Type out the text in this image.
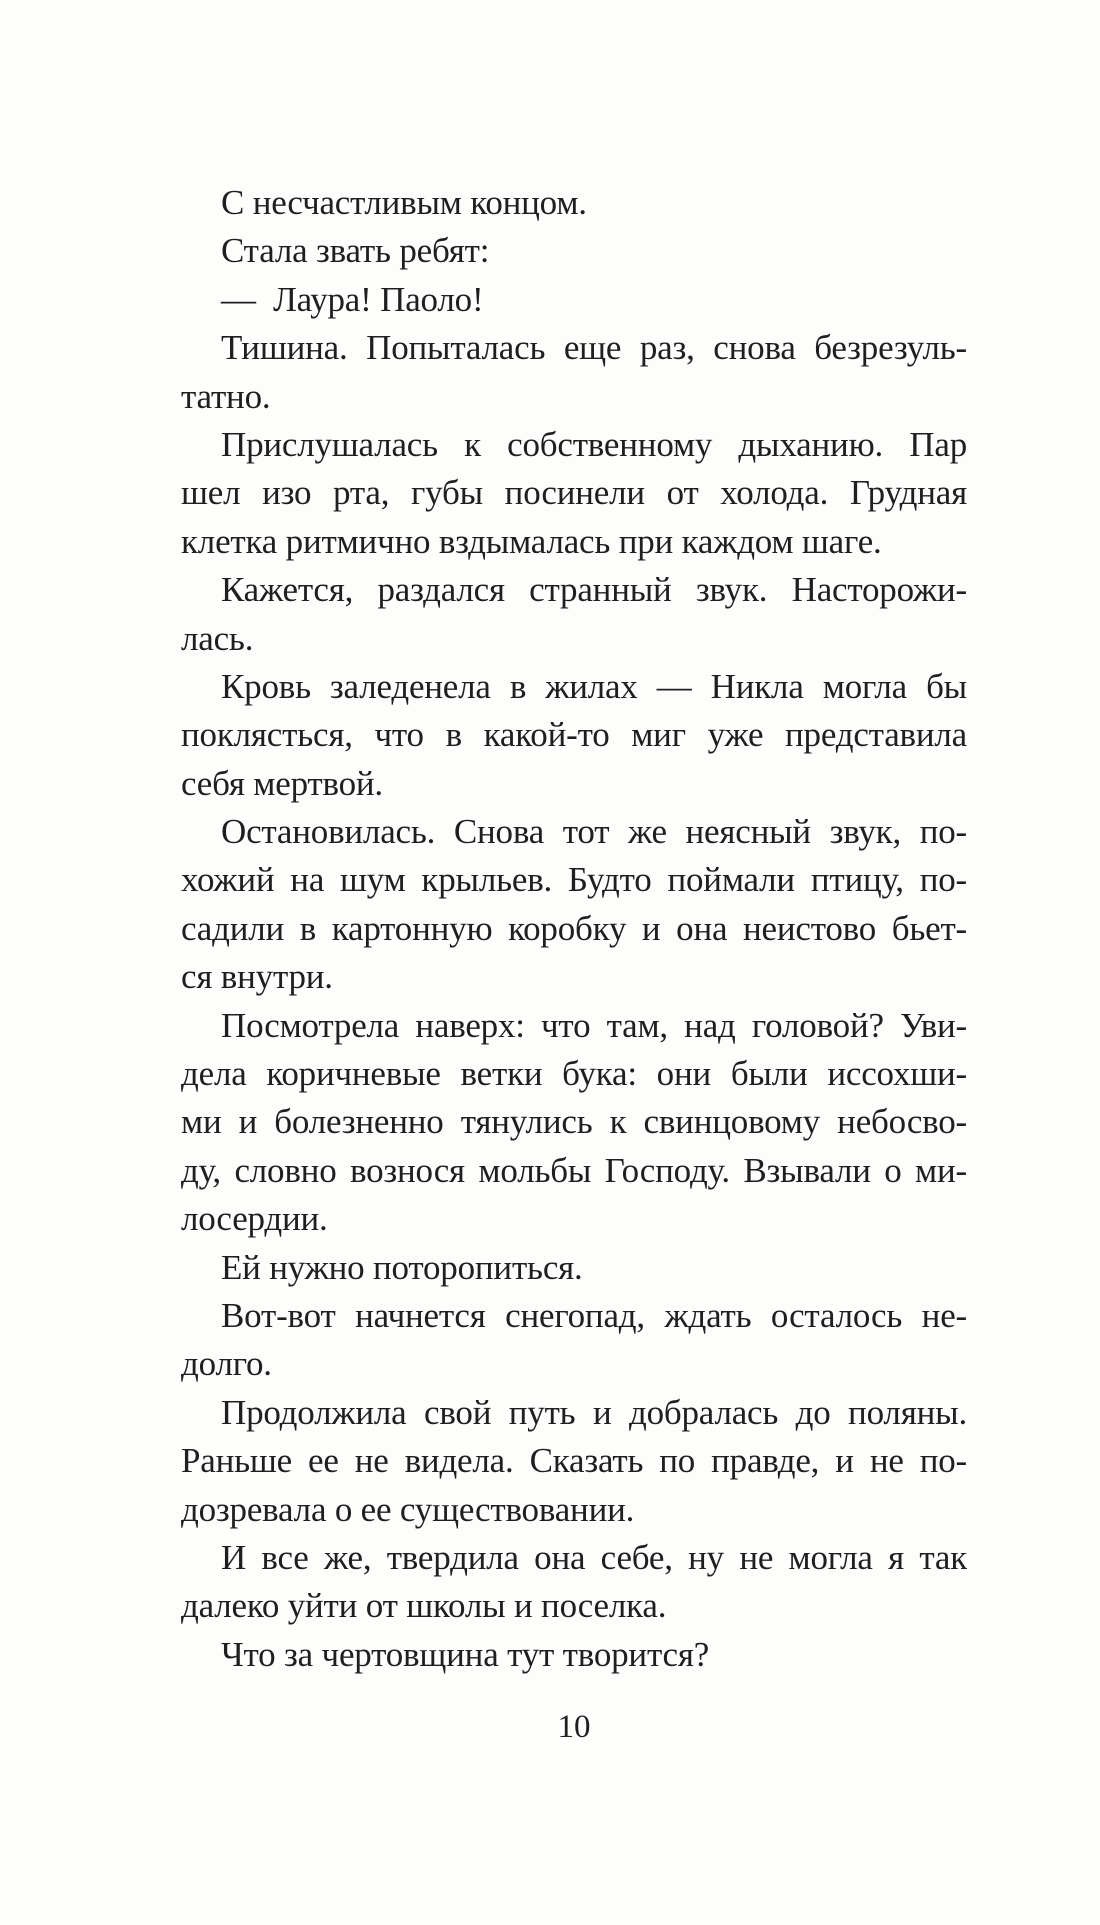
С несчастливым концом.

Стала звать ребят:

— Лаура! Паоло!

Тишина. Попыталась еще раз, снова безрезуль-
татно.

Прислушалась к собственному дыханию. Пар
шел изо рта, губы посинели от холода. Грудная
клетка ритмично вздымалась при каждом шаге.

Кажется, раздался странный звук. Насторожи-
лась.

Кровь заледенела в жилах — Никла могла бы
поклясться, что в какой-то миг уже представила
себя мертвой.

Остановилась. Снова тот же неясный звук, по-
хожий на шум крыльев. Будто поймали птицу, по-
садили в картонную коробку и она неистово бьет-
ся внутри.

Посмотрела наверх: что там, над головой? Уви-
дела коричневые ветки бука: они были иссохши-
ми и болезненно тянулись к свинцовому небосво-
ду, словно вознося мольбы Господу. Взывали о ми-
лосердии.

Ей нужно поторопиться.

Вот-вот начнется снегопад, ждать осталось не-
долго.

Продолжила свой путь и добралась до поляны.
Раньше ее не видела. Сказать по правде, и не по-
дозревала о ее существовании.

И все же, твердила она себе, ну не могла я так
далеко уйти от школы и поселка.

Что за чертовщина тут творится?

10
